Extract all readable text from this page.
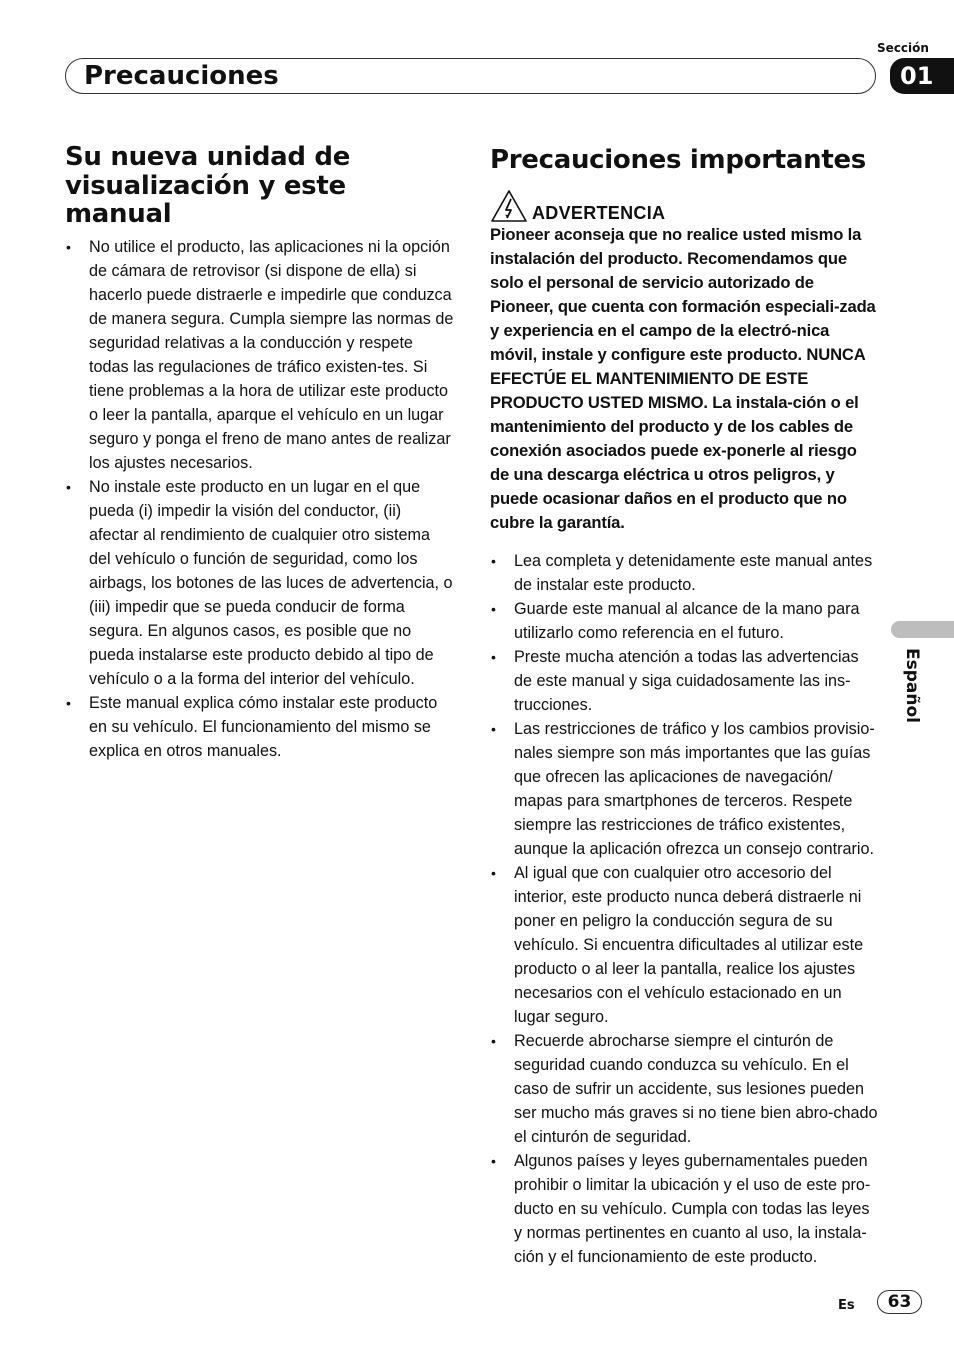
Sección
Precauciones	01
Su nueva unidad de visualización y este manual
• No utilice el producto, las aplicaciones ni la opción de cámara de retrovisor (si dispone de ella) si hacerlo puede distraerle e impedirle que conduzca de manera segura. Cumpla siempre las normas de seguridad relativas a la conducción y respete todas las regulaciones de tráfico existen-tes. Si tiene problemas a la hora de utilizar este producto o leer la pantalla, aparque el vehículo en un lugar seguro y ponga el freno de mano antes de realizar los ajustes necesarios.
• No instale este producto en un lugar en el que pueda (i) impedir la visión del conductor, (ii) afectar al rendimiento de cualquier otro sistema del vehículo o función de seguridad, como los airbags, los botones de las luces de advertencia, o (iii) impedir que se pueda conducir de forma segura. En algunos casos, es posible que no pueda instalarse este producto debido al tipo de vehículo o a la forma del interior del vehículo.
• Este manual explica cómo instalar este producto en su vehículo. El funcionamiento del mismo se explica en otros manuales.
Precauciones importantes
ADVERTENCIA

Pioneer aconseja que no realice usted mismo la instalación del producto. Recomendamos que solo el personal de servicio autorizado de Pioneer, que cuenta con formación especiali-zada y experiencia en el campo de la electró-nica móvil, instale y configure este producto. NUNCA EFECTÚE EL MANTENIMIENTO DE ESTE PRODUCTO USTED MISMO. La instala-ción o el mantenimiento del producto y de los cables de conexión asociados puede ex-ponerle al riesgo de una descarga eléctrica u otros peligros, y puede ocasionar daños en el producto que no cubre la garantía.

• Lea completa y detenidamente este manual antes de instalar este producto.
• Guarde este manual al alcance de la mano para utilizarlo como referencia en el futuro.
• Preste mucha atención a todas las advertencias de este manual y siga cuidadosamente las ins-trucciones.
• Las restricciones de tráfico y los cambios provisio-nales siempre son más importantes que las guías que ofrecen las aplicaciones de navegación/ mapas para smartphones de terceros. Respete siempre las restricciones de tráfico existentes, aunque la aplicación ofrezca un consejo contrario.
• Al igual que con cualquier otro accesorio del interior, este producto nunca deberá distraerle ni poner en peligro la conducción segura de su vehículo. Si encuentra dificultades al utilizar este producto o al leer la pantalla, realice los ajustes necesarios con el vehículo estacionado en un lugar seguro.
• Recuerde abrocharse siempre el cinturón de seguridad cuando conduzca su vehículo. En el caso de sufrir un accidente, sus lesiones pueden ser mucho más graves si no tiene bien abro-chado el cinturón de seguridad.
• Algunos países y leyes gubernamentales pueden prohibir o limitar la ubicación y el uso de este pro-ducto en su vehículo. Cumpla con todas las leyes y normas pertinentes en cuanto al uso, la instala-ción y el funcionamiento de este producto.
Español
Es	63
